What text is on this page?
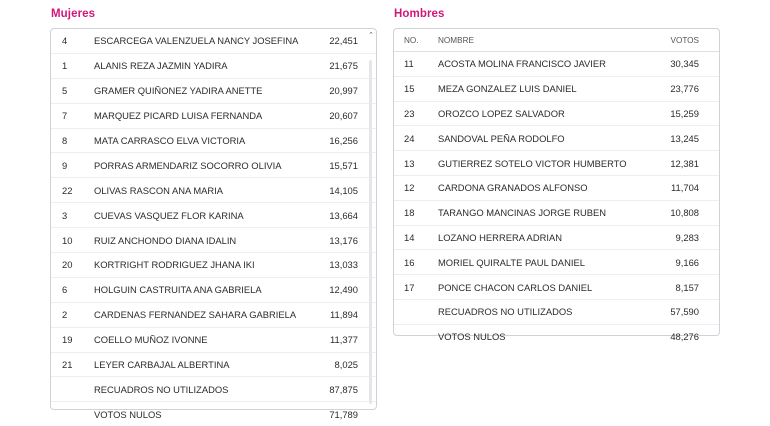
Mujeres	Hombres
4	ESCARCEGA VALENZUELA NANCY JOSEFINA	22,451
1	ALANIS REZA JAZMIN YADIRA	21,675
5	GRAMER QUIÑONEZ YADIRA ANETTE	20,997
7	MARQUEZ PICARD LUISA FERNANDA	20,607
8	MATA CARRASCO ELVA VICTORIA	16,256
9	PORRAS ARMENDARIZ SOCORRO OLIVIA	15,571
22	OLIVAS RASCON ANA MARIA	14,105
3	CUEVAS VASQUEZ FLOR KARINA	13,664
10	RUIZ ANCHONDO DIANA IDALIN	13,176
20	KORTRIGHT RODRIGUEZ JHANA IKI	13,033
6	HOLGUIN CASTRUITA ANA GABRIELA	12,490
2	CARDENAS FERNANDEZ SAHARA GABRIELA	11,894
19	COELLO MUÑOZ IVONNE	11,377
21	LEYER CARBAJAL ALBERTINA	8,025
	RECUADROS NO UTILIZADOS	87,875
	VOTOS NULOS	71,789
⌃	NO.	NOMBRE	VOTOS
11	ACOSTA MOLINA FRANCISCO JAVIER	30,345
15	MEZA GONZALEZ LUIS DANIEL	23,776
23	OROZCO LOPEZ SALVADOR	15,259
24	SANDOVAL PEÑA RODOLFO	13,245
13	GUTIERREZ SOTELO VICTOR HUMBERTO	12,381
12	CARDONA GRANADOS ALFONSO	11,704
18	TARANGO MANCINAS JORGE RUBEN	10,808
14	LOZANO HERRERA ADRIAN	9,283
16	MORIEL QUIRALTE PAUL DANIEL	9,166
17	PONCE CHACON CARLOS DANIEL	8,157
	RECUADROS NO UTILIZADOS	57,590
	VOTOS NULOS	48,276
